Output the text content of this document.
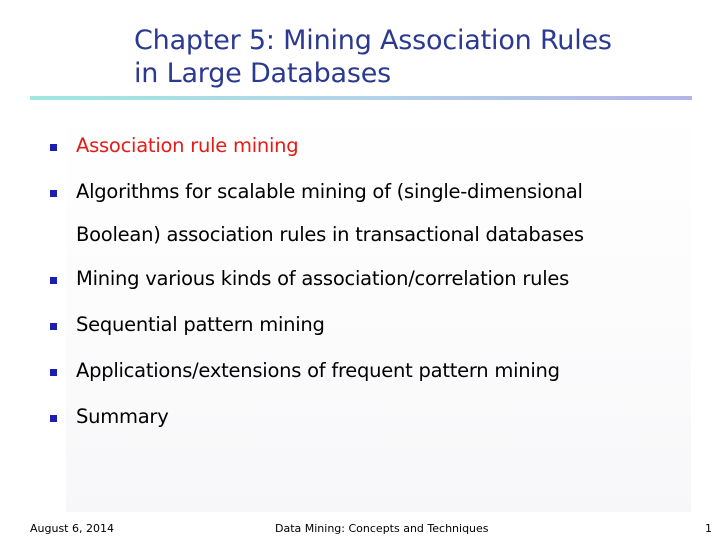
Chapter 5: Mining Association Rules
in Large Databases
Association rule mining
Algorithms for scalable mining of (single-dimensional
Boolean) association rules in transactional databases
Mining various kinds of association/correlation rules
Sequential pattern mining
Applications/extensions of frequent pattern mining
Summary
August 6, 2014	Data Mining: Concepts and Techniques	1
